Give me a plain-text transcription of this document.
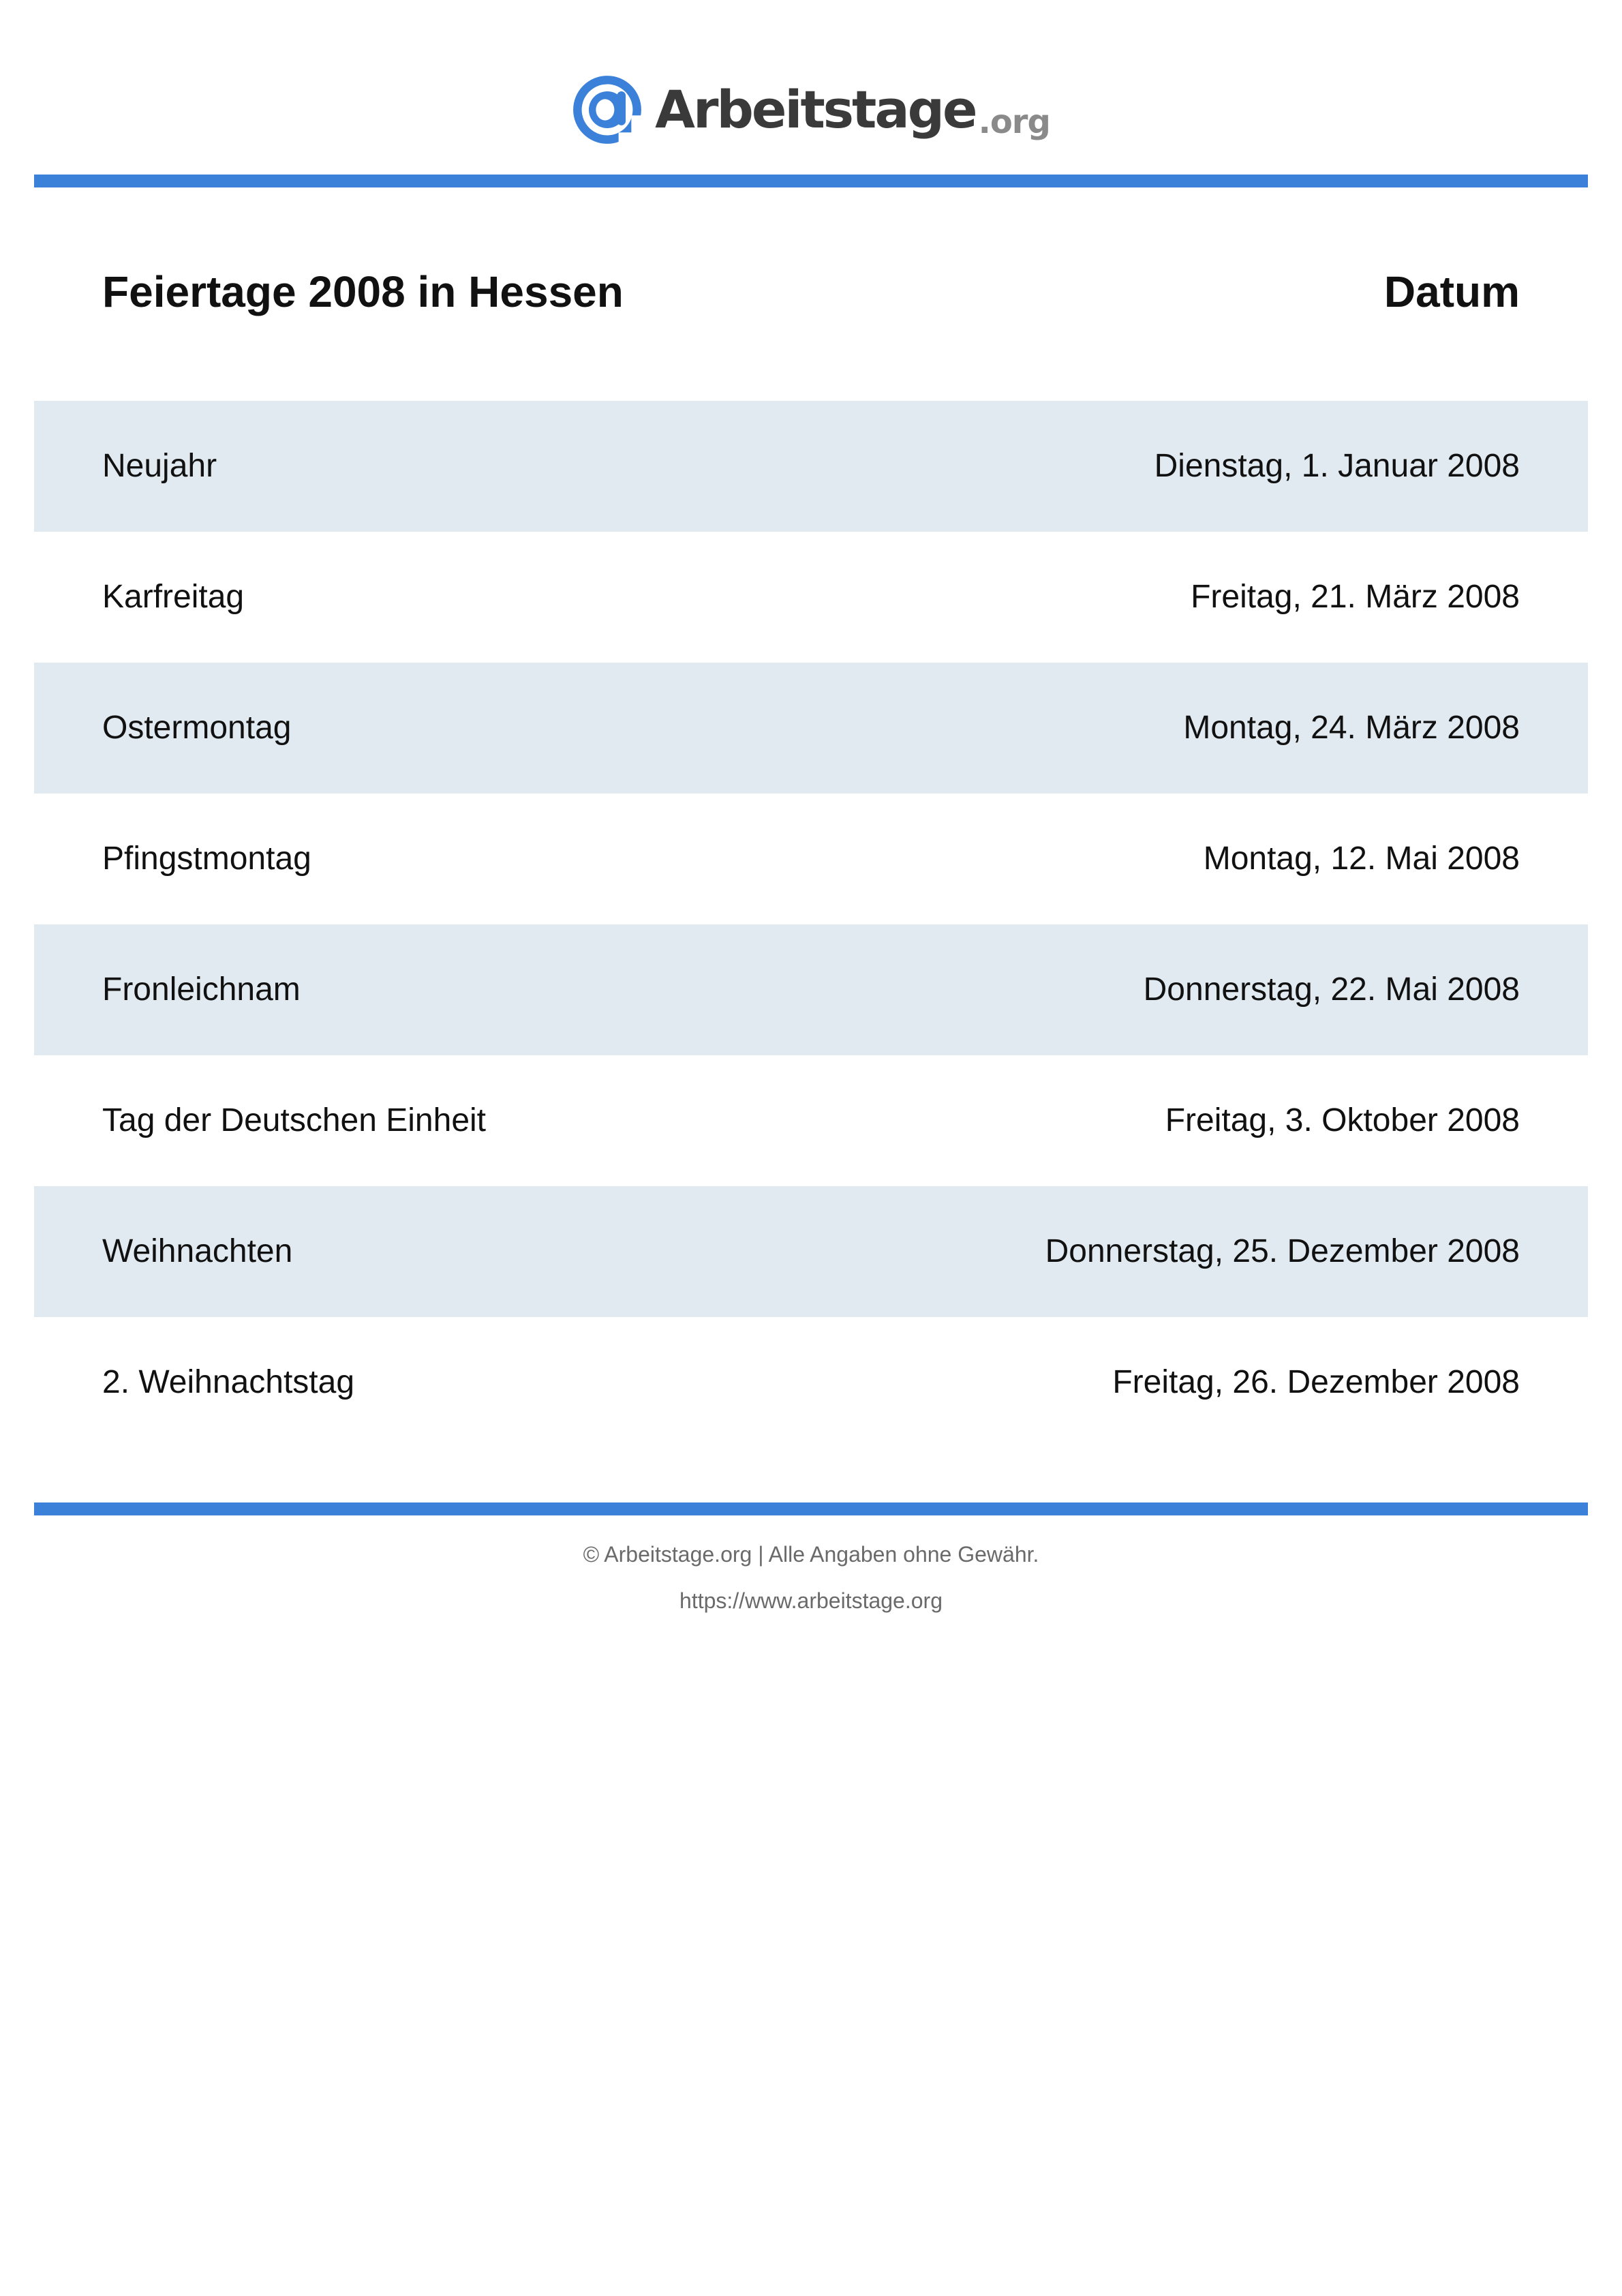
Arbeitstage .org
Feiertage 2008 in Hessen	Datum
Neujahr	Dienstag, 1. Januar 2008
Karfreitag	Freitag, 21. März 2008
Ostermontag	Montag, 24. März 2008
Pfingstmontag	Montag, 12. Mai 2008
Fronleichnam	Donnerstag, 22. Mai 2008
Tag der Deutschen Einheit	Freitag, 3. Oktober 2008
Weihnachten	Donnerstag, 25. Dezember 2008
2. Weihnachtstag	Freitag, 26. Dezember 2008
© Arbeitstage.org | Alle Angaben ohne Gewähr.
https://www.arbeitstage.org
